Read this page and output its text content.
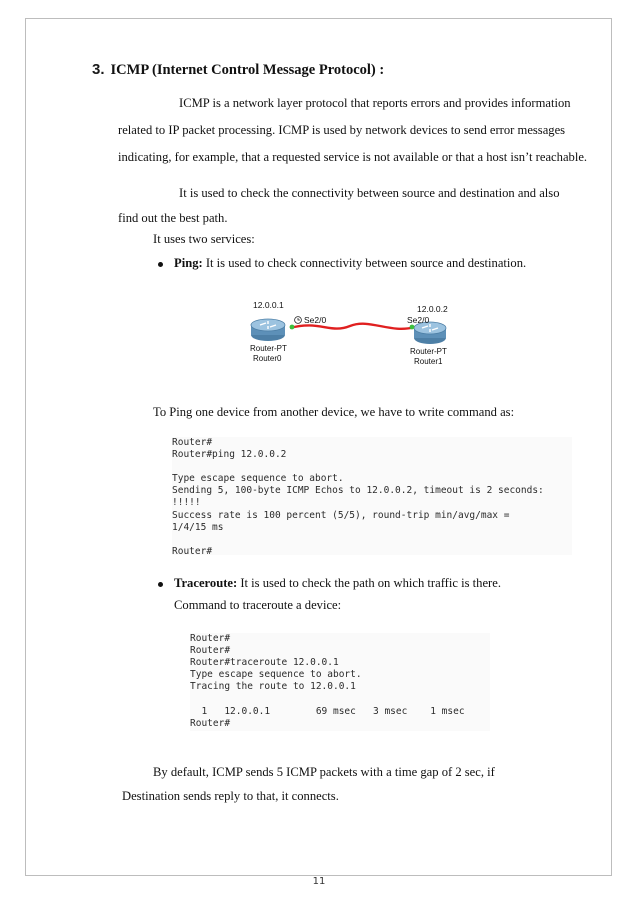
3. ICMP (Internet Control Message Protocol) :
ICMP is a network layer protocol that reports errors and provides information
related to IP packet processing. ICMP is used by network devices to send error messages
indicating, for example, that a requested service is not available or that a host isn’t reachable.
It is used to check the connectivity between source and destination and also
find out the best path.
It uses two services:
Ping: It is used to check connectivity between source and destination.
12.0.0.1
Se2/0
Router-PT
Router0
12.0.0.2
Se2/0
Router-PT
Router1
To Ping one device from another device, we have to write command as:
Router#
Router#ping 12.0.0.2

Type escape sequence to abort.
Sending 5, 100-byte ICMP Echos to 12.0.0.2, timeout is 2 seconds:
!!!!!
Success rate is 100 percent (5/5), round-trip min/avg/max =
1/4/15 ms

Router#
Traceroute: It is used to check the path on which traffic is there.
Command to traceroute a device:
Router#
Router#
Router#traceroute 12.0.0.1
Type escape sequence to abort.
Tracing the route to 12.0.0.1

1   12.0.0.1        69 msec   3 msec    1 msec
Router#
By default, ICMP sends 5 ICMP packets with a time gap of 2 sec, if
Destination sends reply to that, it connects.
11
